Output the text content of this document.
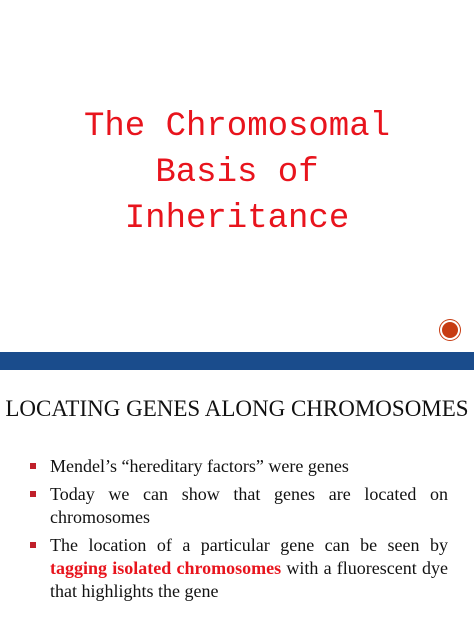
The Chromosomal
Basis of
Inheritance
LOCATING GENES ALONG CHROMOSOMES
Mendel’s “hereditary factors” were genes
Today we can show that genes are located on chromosomes
The location of a particular gene can be seen by tagging isolated chromosomes with a fluorescent dye that highlights the gene
